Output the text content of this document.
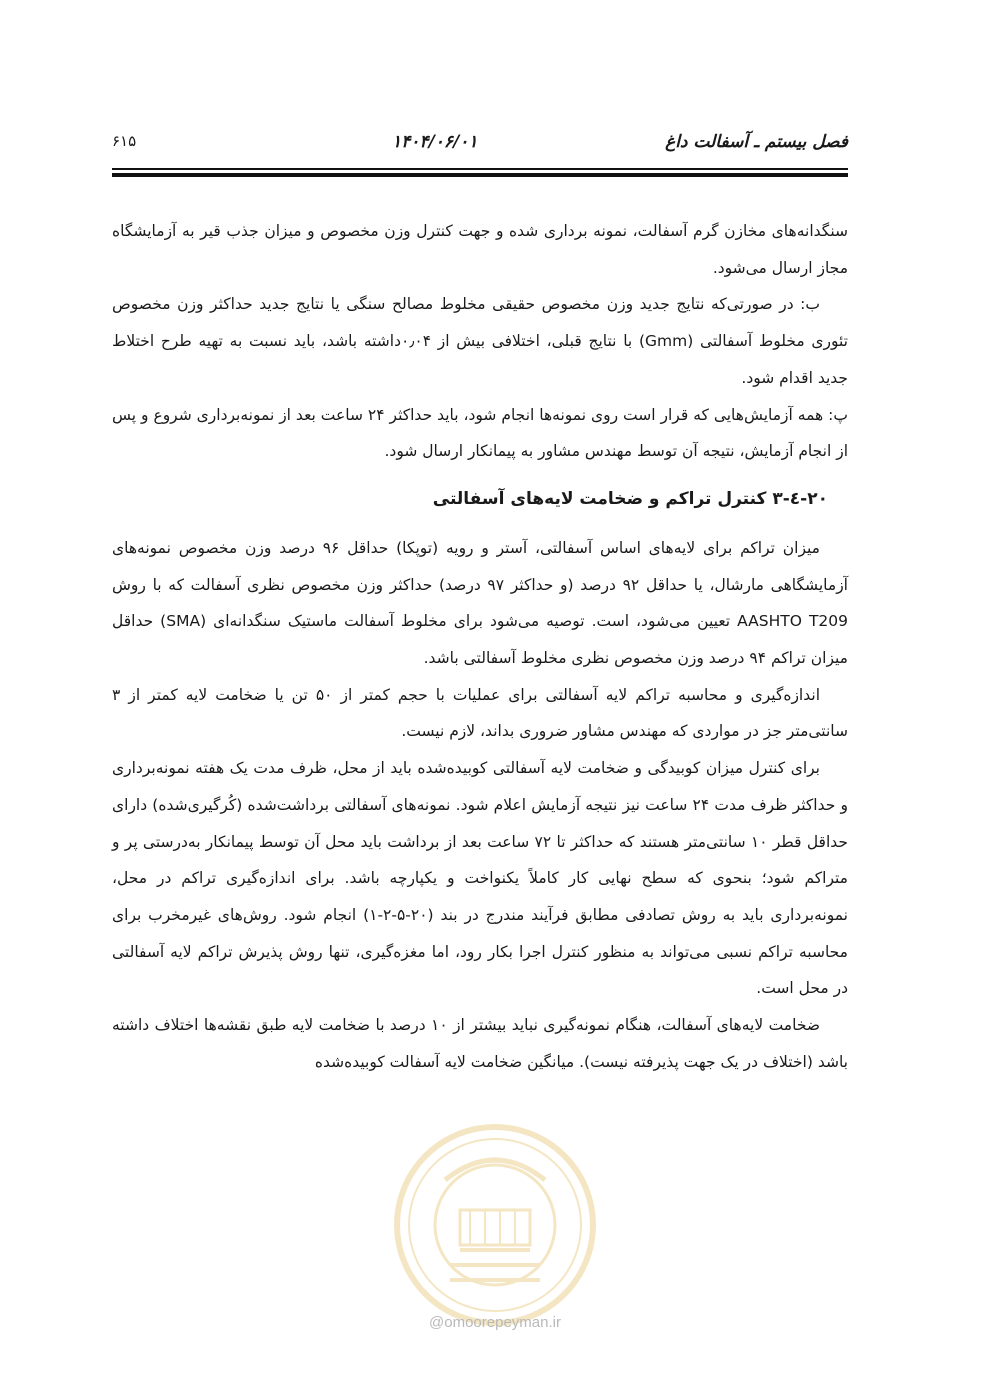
فصل بیستم ـ آسفالت داغ
۱۴۰۴/۰۶/۰۱
۶۱۵

سنگدانه‌های مخازن گرم آسفالت، نمونه برداری شده و جهت کنترل وزن مخصوص و میزان جذب قیر به آزمایشگاه مجاز ارسال می‌شود.

ب: در صورتی‌که نتایج جدید وزن مخصوص حقیقی مخلوط مصالح سنگی یا نتایج جدید حداکثر وزن مخصوص تئوری مخلوط آسفالتی (Gmm) با نتایج قبلی، اختلافی بیش از ۰٫۰۴داشته باشد، باید نسبت به تهیه طرح اختلاط جدید اقدام شود.

پ: همه آزمایش‌هایی که قرار است روی نمونه‌ها انجام شود، باید حداکثر ۲۴ ساعت بعد از نمونه‌برداری شروع و پس از انجام آزمایش، نتیجه آن توسط مهندس مشاور به پیمانکار ارسال شود.

۲۰-٤-۳ کنترل تراکم و ضخامت لایه‌های آسفالتی

میزان تراکم برای لایه‌های اساس آسفالتی، آستر و رویه (توپکا) حداقل ۹۶ درصد وزن مخصوص نمونه‌های آزمایشگاهی مارشال، یا حداقل ۹۲ درصد (و حداکثر ۹۷ درصد) حداکثر وزن مخصوص نظری آسفالت که با روش AASHTO T209 تعیین می‌شود، است. توصیه می‌شود برای مخلوط آسفالت ماستیک سنگدانه‌ای (SMA) حداقل میزان تراکم ۹۴ درصد وزن مخصوص نظری مخلوط آسفالتی باشد.

اندازه‌گیری و محاسبه تراکم لایه آسفالتی برای عملیات با حجم کمتر از ۵۰ تن یا ضخامت لایه کمتر از ۳ سانتی‌متر جز در مواردی که مهندس مشاور ضروری بداند، لازم نیست.

برای کنترل میزان کوبیدگی و ضخامت لایه آسفالتی کوبیده‌شده باید از محل، ظرف مدت یک هفته نمونه‌برداری و حداکثر ظرف مدت ۲۴ ساعت نیز نتیجه آزمایش اعلام شود. نمونه‌های آسفالتی برداشت‌شده (کُرگیری‌شده) دارای حداقل قطر ۱۰ سانتی‌متر هستند که حداکثر تا ۷۲ ساعت بعد از برداشت باید محل آن توسط پیمانکار به‌درستی پر و متراکم شود؛ بنحوی که سطح نهایی کار کاملاً یکنواخت و یکپارچه باشد. برای اندازه‌گیری تراکم در محل، نمونه‌برداری باید به روش تصادفی مطابق فرآیند مندرج در بند (۲۰-۵-۲-۱) انجام شود. روش‌های غیرمخرب برای محاسبه تراکم نسبی می‌تواند به منظور کنترل اجرا بکار رود، اما مغزه‌گیری، تنها روش پذیرش تراکم لایه آسفالتی در محل است.

ضخامت لایه‌های آسفالت، هنگام نمونه‌گیری نباید بیشتر از ۱۰ درصد با ضخامت لایه طبق نقشه‌ها اختلاف داشته باشد (اختلاف در یک جهت پذیرفته نیست). میانگین ضخامت لایه آسفالت کوبیده‌شده

@omoorepeyman.ir
